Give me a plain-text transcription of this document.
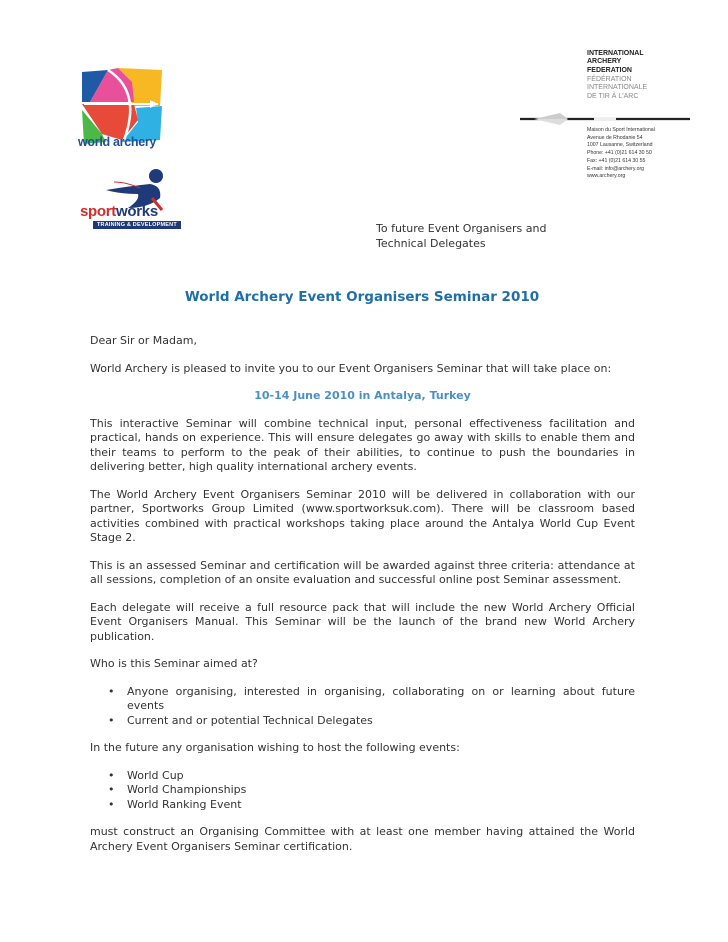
world archery
sportworks
TRAINING & DEVELOPMENT
INTERNATIONAL
ARCHERY
FEDERATION
FÉDÉRATION
INTERNATIONALE
DE TIR À L'ARC
Maison du Sport International
Avenue de Rhodanie 54
1007 Lausanne, Switzerland
Phone: +41 (0)21 614 30 50
Fax: +41 (0)21 614 30 55
E-mail: info@archery.org
www.archery.org
To future Event Organisers and
Technical Delegates
World Archery Event Organisers Seminar 2010

Dear Sir or Madam,

World Archery is pleased to invite you to our Event Organisers Seminar that will take place on:

10-14 June 2010 in Antalya, Turkey

This interactive Seminar will combine technical input, personal effectiveness facilitation and practical, hands on experience. This will ensure delegates go away with skills to enable them and their teams to perform to the peak of their abilities, to continue to push the boundaries in delivering better, high quality international archery events.

The World Archery Event Organisers Seminar 2010 will be delivered in collaboration with our partner, Sportworks Group Limited (www.sportworksuk.com). There will be classroom based activities combined with practical workshops taking place around the Antalya World Cup Event Stage 2.

This is an assessed Seminar and certification will be awarded against three criteria: attendance at all sessions, completion of an onsite evaluation and successful online post Seminar assessment.

Each delegate will receive a full resource pack that will include the new World Archery Official Event Organisers Manual. This Seminar will be the launch of the brand new World Archery publication.

Who is this Seminar aimed at?

• Anyone organising, interested in organising, collaborating on or learning about future events
• Current and or potential Technical Delegates

In the future any organisation wishing to host the following events:

• World Cup
• World Championships
• World Ranking Event

must construct an Organising Committee with at least one member having attained the World Archery Event Organisers Seminar certification.
